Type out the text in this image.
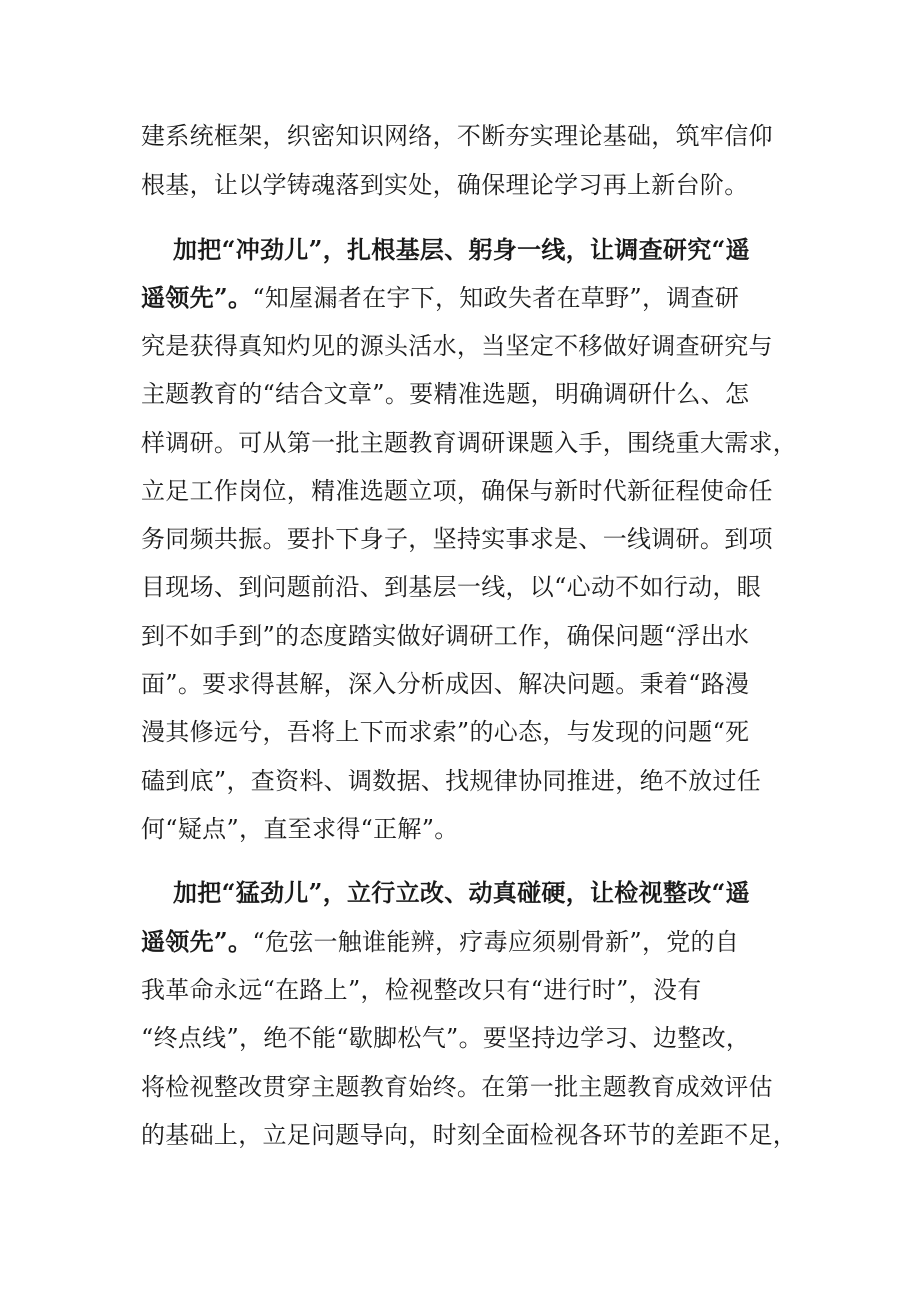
建系统框架，织密知识网络，不断夯实理论基础，筑牢信仰
根基，让以学铸魂落到实处，确保理论学习再上新台阶。
加把“冲劲儿”，扎根基层、躬身一线，让调查研究“遥
遥领先”。“知屋漏者在宇下，知政失者在草野”，调查研
究是获得真知灼见的源头活水，当坚定不移做好调查研究与
主题教育的“结合文章”。要精准选题，明确调研什么、怎
样调研。可从第一批主题教育调研课题入手，围绕重大需求，
立足工作岗位，精准选题立项，确保与新时代新征程使命任
务同频共振。要扑下身子，坚持实事求是、一线调研。到项
目现场、到问题前沿、到基层一线，以“心动不如行动，眼
到不如手到”的态度踏实做好调研工作，确保问题“浮出水
面”。要求得甚解，深入分析成因、解决问题。秉着“路漫
漫其修远兮，吾将上下而求索”的心态，与发现的问题“死
磕到底”，查资料、调数据、找规律协同推进，绝不放过任
何“疑点”，直至求得“正解”。
加把“猛劲儿”，立行立改、动真碰硬，让检视整改“遥
遥领先”。“危弦一触谁能辨，疗毒应须剔骨新”，党的自
我革命永远“在路上”，检视整改只有“进行时”，没有
“终点线”，绝不能“歇脚松气”。要坚持边学习、边整改，
将检视整改贯穿主题教育始终。在第一批主题教育成效评估
的基础上，立足问题导向，时刻全面检视各环节的差距不足，
